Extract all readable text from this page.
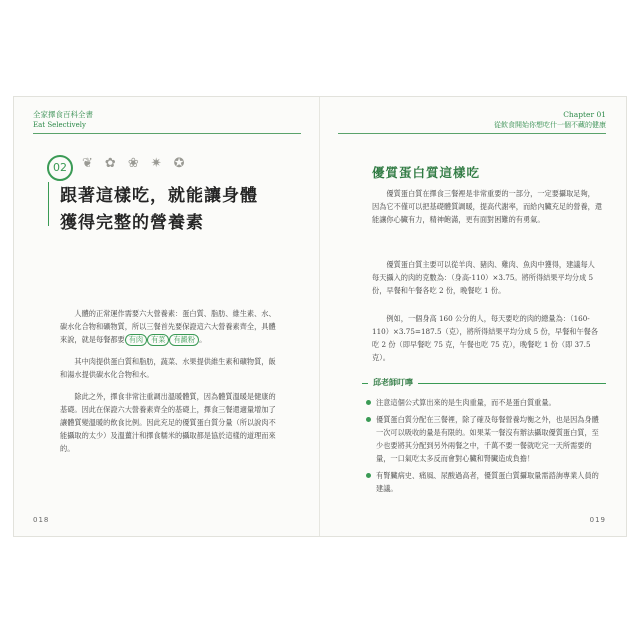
全家擇食百科全書
Eat Selectively
Chapter 01
從飲食開始你想吃什一個不藏的健康
02	❦ ✿ ❀ ✷ ✪
跟著這樣吃，就能讓身體
獲得完整的營養素

人體的正常運作需要六大營養素：蛋白質、脂肪、維生素、水、碳水化合物和礦物質，所以三餐首先要保證這六大營養素齊全，具體來說，就是每餐都要 有肉 有菜 有澱粉 。

其中肉提供蛋白質和脂肪，蔬菜、水果提供維生素和礦物質，飯和湯水提供碳水化合物和水。

除此之外，擇食非常注重調出溫暖體質，因為體質溫暖是健康的基礎。因此在保證六大營養素齊全的基礎上，擇食三餐還適量增加了讓體質變溫暖的飲食比例。因此充足的優質蛋白質分量（所以說肉不能攝取的太少）及溫薑汁和擇食糯米的攝取都是協於這樣的道理而來的。

018
優質蛋白質這樣吃

優質蛋白質在擇食三餐裡是非常重要的一部分，一定要攝取足夠，因為它不僅可以把基礎體質調暖，提高代謝率，而給內臟充足的營養，還能讓你心臟有力，精神飽滿，更有面對困難的有勇氣。

優質蛋白質主要可以從羊肉、豬肉、雞肉、魚肉中獲得，建議每人每天攝入的肉的克數為：（身高-110）×3.75。將所得結果平均分成 5 份，早餐和午餐各吃 2 份，晚餐吃 1 份。

例如，一個身高 160 公分的人，每天要吃的肉的總量為：（160-110）×3.75=187.5（克），將所得結果平均分成 5 份，早餐和午餐各吃 2 份（即早餐吃 75 克，午餐也吃 75 克），晚餐吃 1 份（即 37.5 克）。

邱老師叮嚀
注意這個公式算出來的是生肉重量，而不是蛋白質重量。
優質蛋白質分配在三餐裡，除了確及每餐營養均衡之外，也是因為身體一次可以吸收的量是有限的。如果某一餐沒有辦法攝取優質蛋白質，至少也要將其分配到另外兩餐之中，千萬不要一餐就吃完一天所需要的量，一口氣吃太多反而會對心臟和腎臟造成負擔！
有腎臟病史、痛風、尿酸過高者，優質蛋白質攝取量需諮詢專業人員的建議。
019
